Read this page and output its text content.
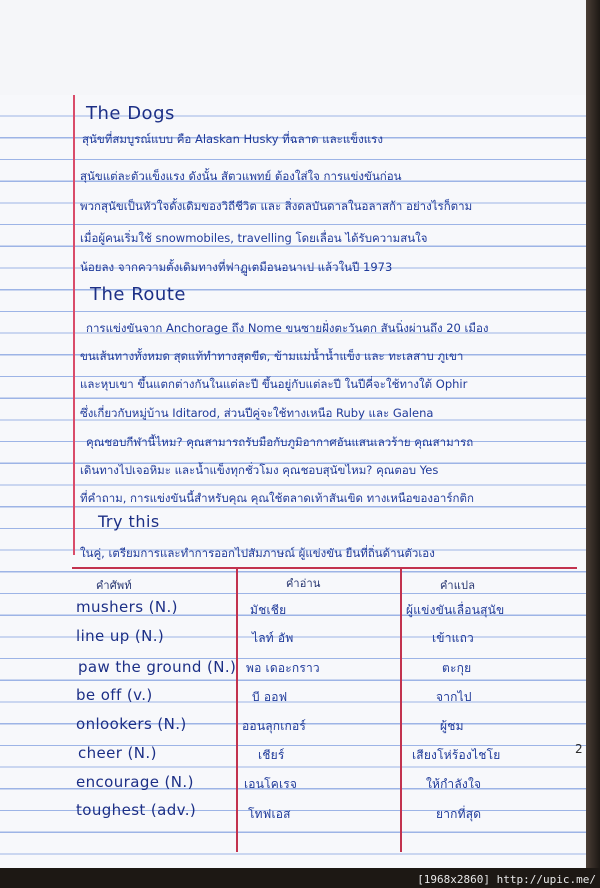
The Dogs
สุนัขที่สมบูรณ์แบบ คือ Alaskan Husky ที่ฉลาด และแข็งแรง
สุนัขแต่ละตัวแข็งแรง ดังนั้น สัตวแพทย์ ต้องใส่ใจ การแข่งขันก่อน
พวกสุนัขเป็นหัวใจดั้งเดิมของวิถีชีวิต และ สิ่งดลบันดาลในอลาสก้า อย่างไรก็ตาม
เมื่อผู้คนเริ่มใช้ snowmobiles, travelling โดยเลื่อน ได้รับความสนใจ
น้อยลง จากความตั้งเดิมทางที่ฟาฏูเตมือนอนาเป แล้วในปี 1973
The Route
การแข่งขันจาก Anchorage ถึง Nome ขนซายฝั่งตะวันตก สันนิ่งผ่านถึง 20 เมือง
ขนเส้นทางทั้งหมด สุดแท้ทำทางสุดขีด, ข้ามแม่น้ำน้ำแข็ง และ ทะเลสาบ ภูเขา
และหุบเขา ขึ้นแตกต่างกันในแต่ละปี ขึ้นอยู่กับแต่ละปี ในปีคี่จะใช้ทางใต้ Ophir
ซึ่งเกี่ยวกับหมู่บ้าน Iditarod, ส่วนปีคู่จะใช้ทางเหนือ Ruby และ Galena
คุณชอบกีฬานี้ไหม? คุณสามารถรับมือกับภูมิอากาศอันแสนเลวร้าย คุณสามารถ
เดินทางไปเจอหิมะ และน้ำแข็งทุกชั่วโมง คุณชอบสุนัขไหม? คุณตอบ Yes
ที่คำถาม, การแข่งขันนี้สำหรับคุณ คุณใช้ตลาดเท้าสันเขิด ทางเหนือของอาร์กติก
Try this
ในคู่, เตรียมการและทำการออกไปสัมภาษณ์ ผู้แข่งขัน ยืนที่ถิ่นด้านตัวเอง
คำศัพท์	คำอ่าน	คำแปล
mushers (N.)	มัชเชีย	ผู้แข่งขันเลื่อนสุนัข
line up (N.)	ไลท์ อัพ	เข้าแถว
paw the ground (N.) พอ เดอะกราว	ตะกุย
be off (v.)	บี ออฟ	จากไป
onlookers (N.)	ออนลุกเกอร์	ผู้ชม
cheer (N.)	เชียร์	เสียงโห่ร้องไชโย
encourage (N.)	เอนโคเรจ	ให้กำลังใจ
toughest (adv.)	โทฟเอส	ยากที่สุด
2
[1968x2860] http://upic.me/
